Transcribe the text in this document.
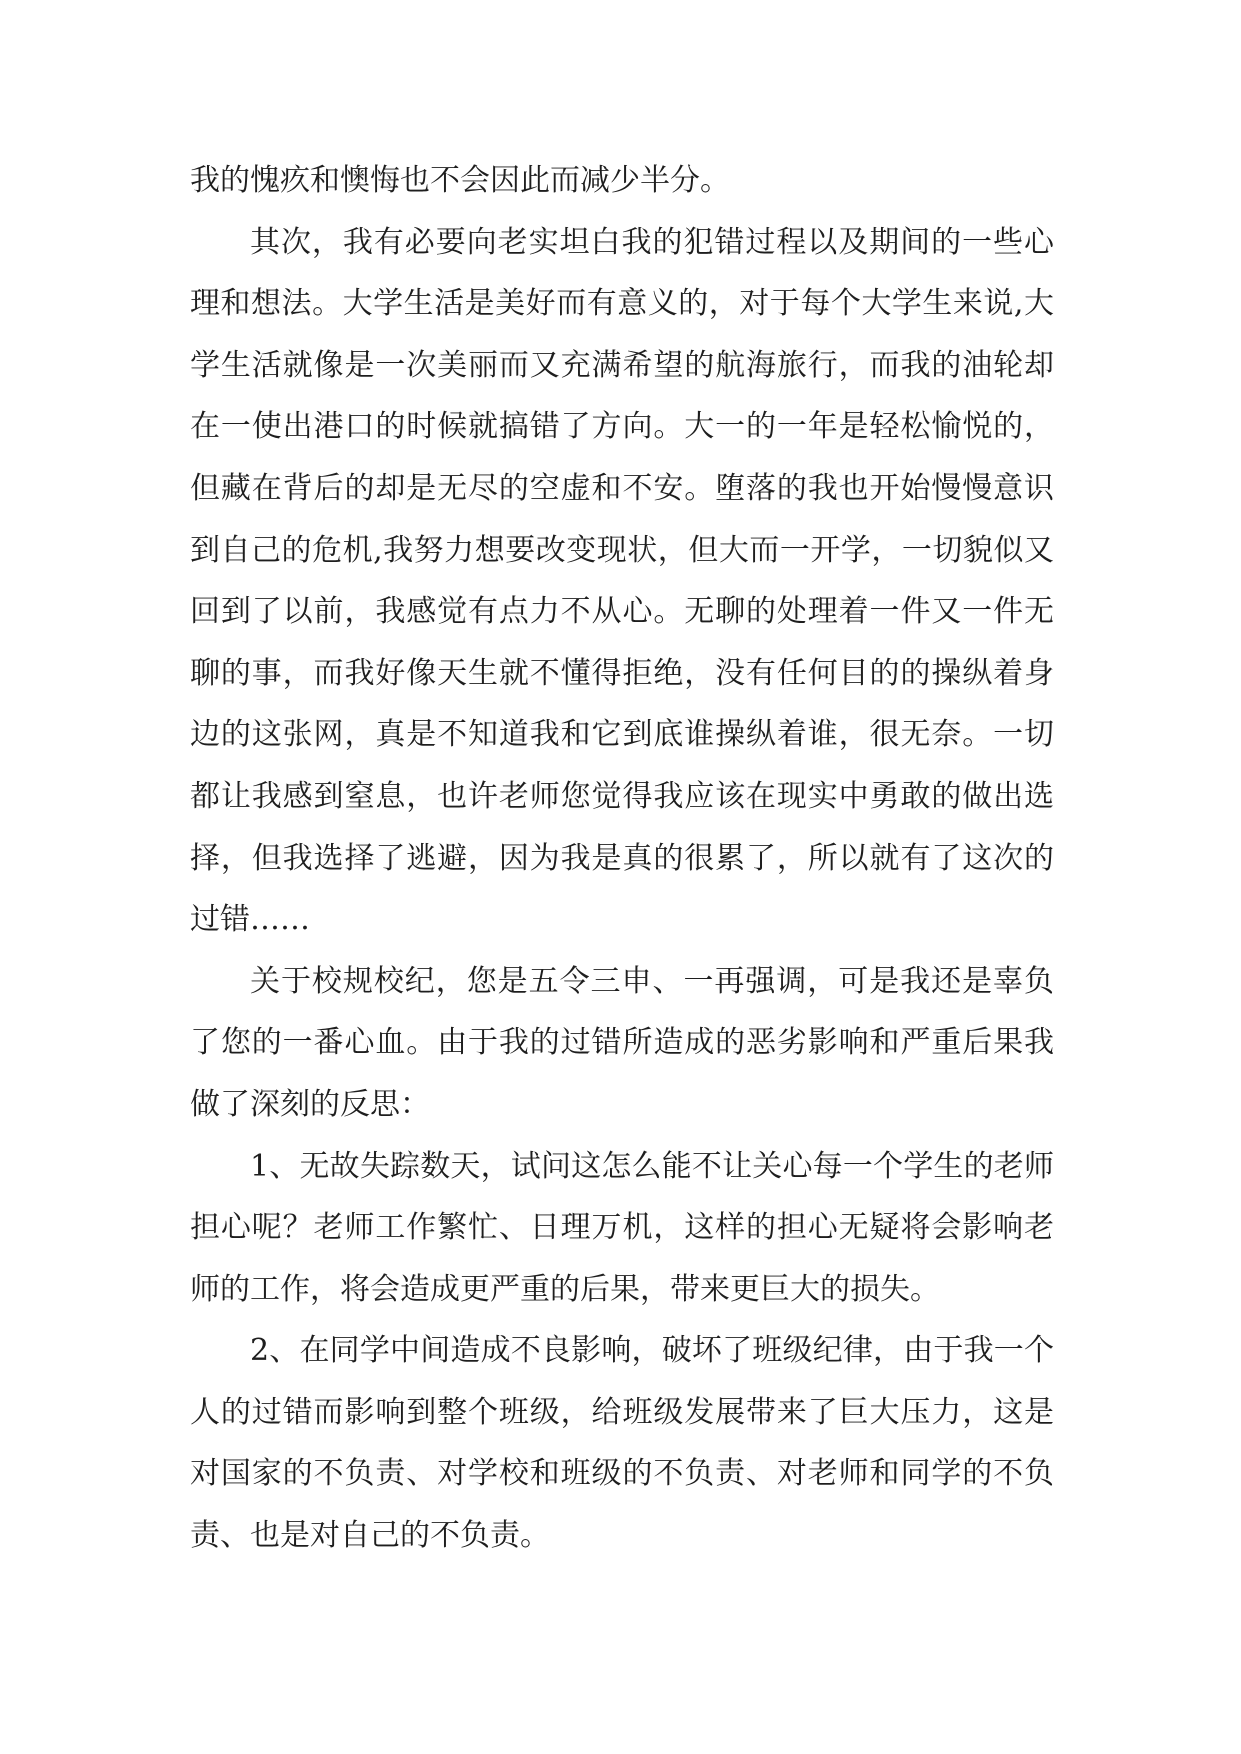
我的愧疚和懊悔也不会因此而减少半分。

其次，我有必要向老实坦白我的犯错过程以及期间的一些心理和想法。大学生活是美好而有意义的，对于每个大学生来说,大学生活就像是一次美丽而又充满希望的航海旅行，而我的油轮却在一使出港口的时候就搞错了方向。大一的一年是轻松愉悦的，但藏在背后的却是无尽的空虚和不安。堕落的我也开始慢慢意识到自己的危机,我努力想要改变现状，但大而一开学，一切貌似又回到了以前，我感觉有点力不从心。无聊的处理着一件又一件无聊的事，而我好像天生就不懂得拒绝，没有任何目的的操纵着身边的这张网，真是不知道我和它到底谁操纵着谁，很无奈。一切都让我感到窒息，也许老师您觉得我应该在现实中勇敢的做出选择，但我选择了逃避，因为我是真的很累了，所以就有了这次的过错……

关于校规校纪，您是五令三申、一再强调，可是我还是辜负了您的一番心血。由于我的过错所造成的恶劣影响和严重后果我做了深刻的反思：

1、无故失踪数天，试问这怎么能不让关心每一个学生的老师担心呢？老师工作繁忙、日理万机，这样的担心无疑将会影响老师的工作，将会造成更严重的后果，带来更巨大的损失。

2、在同学中间造成不良影响，破坏了班级纪律，由于我一个人的过错而影响到整个班级，给班级发展带来了巨大压力，这是对国家的不负责、对学校和班级的不负责、对老师和同学的不负责、也是对自己的不负责。
